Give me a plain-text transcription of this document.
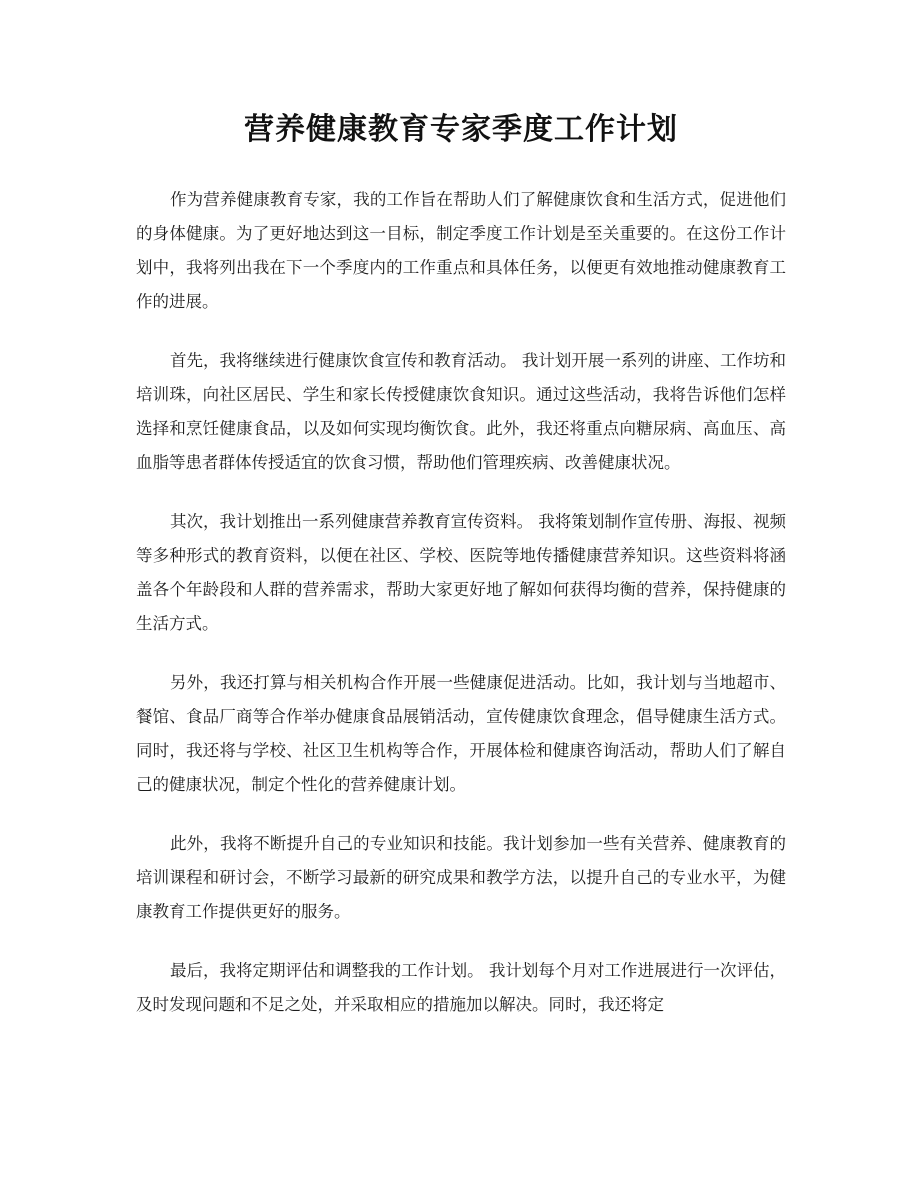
营养健康教育专家季度工作计划

作为营养健康教育专家，我的工作旨在帮助人们了解健康饮食和生活方式，促进他们的身体健康。为了更好地达到这一目标，制定季度工作计划是至关重要的。在这份工作计划中，我将列出我在下一个季度内的工作重点和具体任务，以便更有效地推动健康教育工作的进展。

首先，我将继续进行健康饮食宣传和教育活动。 我计划开展一系列的讲座、工作坊和培训珠，向社区居民、学生和家长传授健康饮食知识。通过这些活动，我将告诉他们怎样选择和烹饪健康食品，以及如何实现均衡饮食。此外，我还将重点向糖尿病、高血压、高血脂等患者群体传授适宜的饮食习惯，帮助他们管理疾病、改善健康状况。

其次，我计划推出一系列健康营养教育宣传资料。 我将策划制作宣传册、海报、视频等多种形式的教育资料，以便在社区、学校、医院等地传播健康营养知识。这些资料将涵盖各个年龄段和人群的营养需求，帮助大家更好地了解如何获得均衡的营养，保持健康的生活方式。

另外，我还打算与相关机构合作开展一些健康促进活动。比如，我计划与当地超市、餐馆、食品厂商等合作举办健康食品展销活动，宣传健康饮食理念，倡导健康生活方式。同时，我还将与学校、社区卫生机构等合作，开展体检和健康咨询活动，帮助人们了解自己的健康状况，制定个性化的营养健康计划。

此外，我将不断提升自己的专业知识和技能。我计划参加一些有关营养、健康教育的培训课程和研讨会，不断学习最新的研究成果和教学方法，以提升自己的专业水平，为健康教育工作提供更好的服务。

最后，我将定期评估和调整我的工作计划。 我计划每个月对工作进展进行一次评估，及时发现问题和不足之处，并采取相应的措施加以解决。同时，我还将定
